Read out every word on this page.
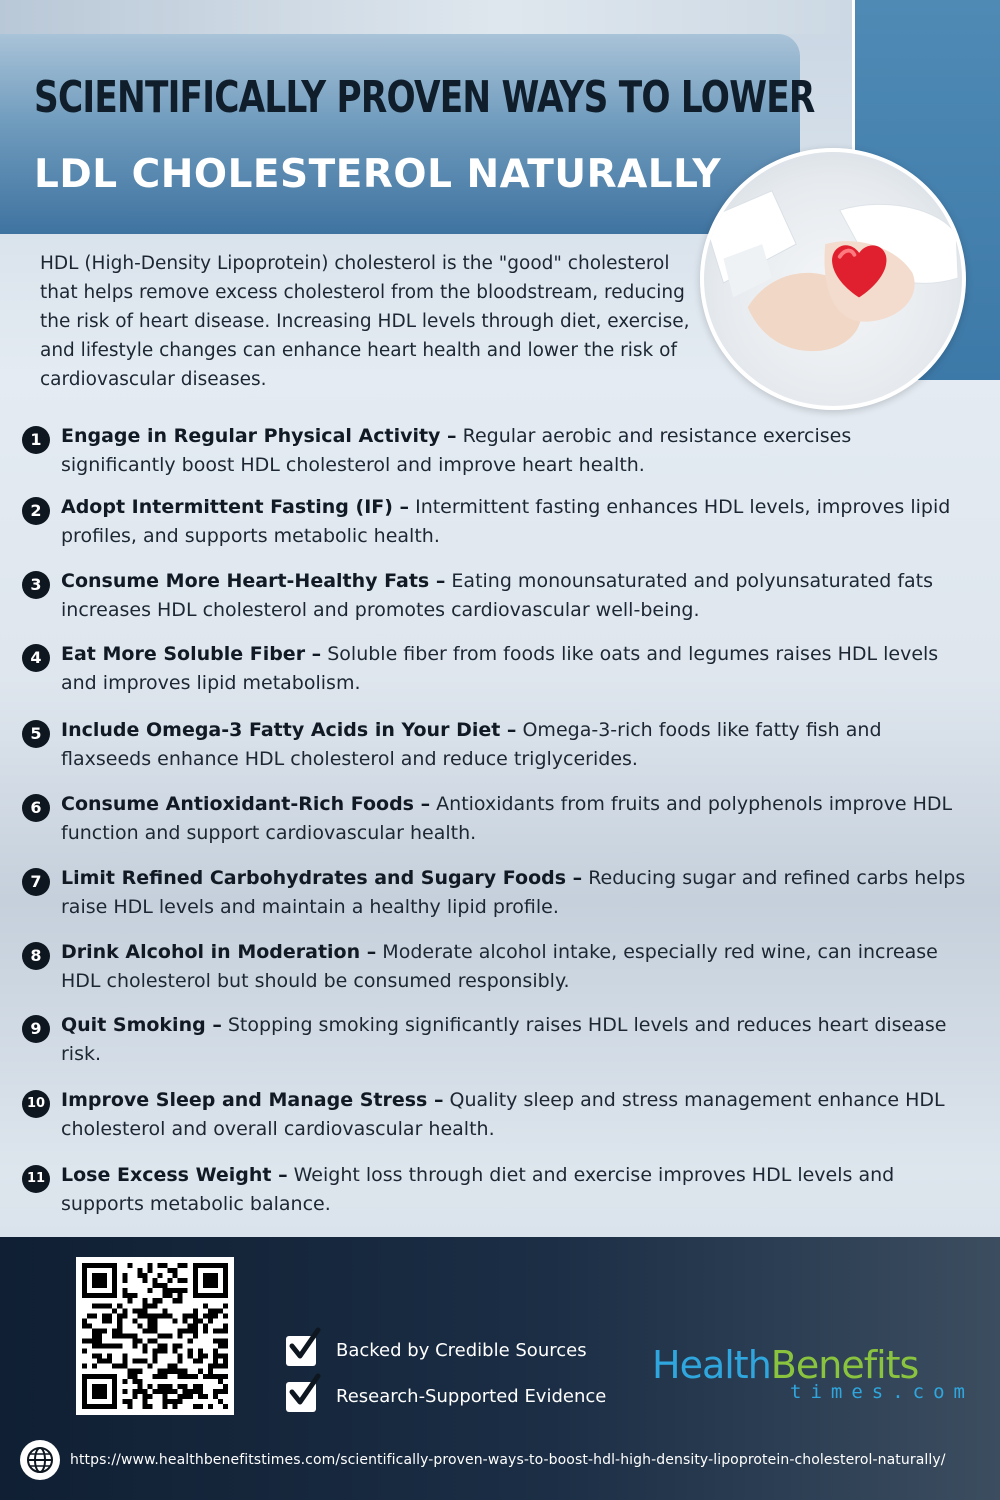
SCIENTIFICALLY PROVEN WAYS TO LOWER
LDL CHOLESTEROL NATURALLY

HDL (High-Density Lipoprotein) cholesterol is the "good" cholesterol that helps remove excess cholesterol from the bloodstream, reducing the risk of heart disease. Increasing HDL levels through diet, exercise, and lifestyle changes can enhance heart health and lower the risk of cardiovascular diseases.

1	Engage in Regular Physical Activity – Regular aerobic and resistance exercises significantly boost HDL cholesterol and improve heart health.
2	Adopt Intermittent Fasting (IF) – Intermittent fasting enhances HDL levels, improves lipid profiles, and supports metabolic health.
3	Consume More Heart-Healthy Fats – Eating monounsaturated and polyunsaturated fats increases HDL cholesterol and promotes cardiovascular well-being.
4	Eat More Soluble Fiber – Soluble fiber from foods like oats and legumes raises HDL levels and improves lipid metabolism.
5	Include Omega-3 Fatty Acids in Your Diet – Omega-3-rich foods like fatty fish and flaxseeds enhance HDL cholesterol and reduce triglycerides.
6	Consume Antioxidant-Rich Foods – Antioxidants from fruits and polyphenols improve HDL function and support cardiovascular health.
7	Limit Refined Carbohydrates and Sugary Foods – Reducing sugar and refined carbs helps raise HDL levels and maintain a healthy lipid profile.
8	Drink Alcohol in Moderation – Moderate alcohol intake, especially red wine, can increase HDL cholesterol but should be consumed responsibly.
9	Quit Smoking – Stopping smoking significantly raises HDL levels and reduces heart disease risk.
10 Improve Sleep and Manage Stress – Quality sleep and stress management enhance HDL cholesterol and overall cardiovascular health.
11 Lose Excess Weight – Weight loss through diet and exercise improves HDL levels and supports metabolic balance.
Backed by Credible Sources
Research-Supported Evidence
HealthBenefits
times.com
https://www.healthbenefitstimes.com/scientifically-proven-ways-to-boost-hdl-high-density-lipoprotein-cholesterol-naturally/
